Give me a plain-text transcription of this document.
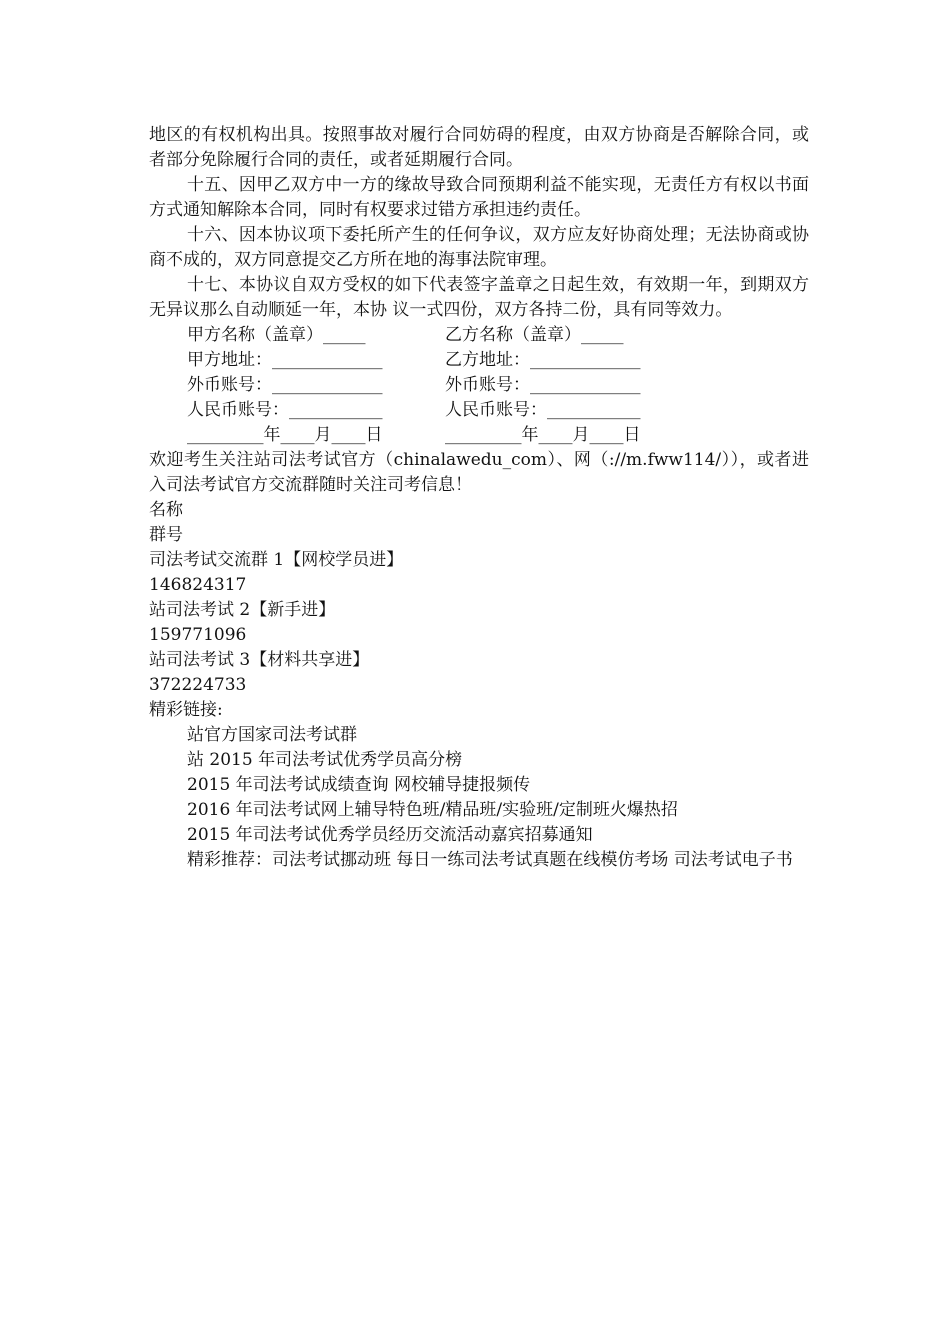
地区的有权机构出具。按照事故对履行合同妨碍的程度，由双方协商是否解除合同，或者部分免除履行合同的责任，或者延期履行合同。

十五、因甲乙双方中一方的缘故导致合同预期利益不能实现，无责任方有权以书面方式通知解除本合同，同时有权要求过错方承担违约责任。

十六、因本协议项下委托所产生的任何争议，双方应友好协商处理；无法协商或协商不成的，双方同意提交乙方所在地的海事法院审理。

十七、本协议自双方受权的如下代表签字盖章之日起生效，有效期一年，到期双方无异议那么自动顺延一年，本协 议一式四份，双方各持二份，具有同等效力。

甲方名称（盖章）_____	乙方名称（盖章）_____
甲方地址：_____________	乙方地址：_____________
外币账号：_____________	外币账号：_____________
人民币账号：___________	人民币账号：___________
_________年____月____日	_________年____月____日

欢迎考生关注站司法考试官方（chinalawedu_com）、网（://m.fww114/）），或者进入司法考试官方交流群随时关注司考信息！

名称

群号

司法考试交流群 1【网校学员进】

146824317

站司法考试 2【新手进】

159771096

站司法考试 3【材料共享进】

372224733

精彩链接:

站官方国家司法考试群

站 2015 年司法考试优秀学员高分榜

2015 年司法考试成绩查询 网校辅导捷报频传

2016 年司法考试网上辅导特色班/精品班/实验班/定制班火爆热招

2015 年司法考试优秀学员经历交流活动嘉宾招募通知

精彩推荐：司法考试挪动班 每日一练司法考试真题在线模仿考场 司法考试电子书
